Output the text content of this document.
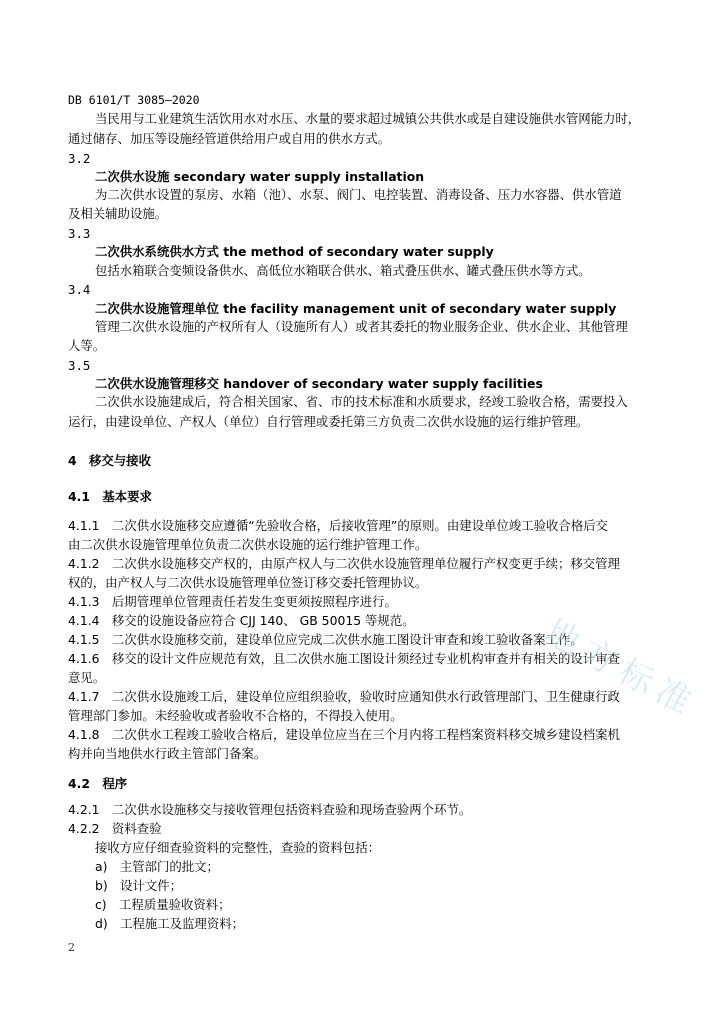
DB 6101/T 3085—2020
当民用与工业建筑生活饮用水对水压、水量的要求超过城镇公共供水或是自建设施供水管网能力时，
通过储存、加压等设施经管道供给用户或自用的供水方式。
3.2
二次供水设施 secondary water supply installation
为二次供水设置的泵房、水箱（池）、水泵、阀门、电控装置、消毒设备、压力水容器、供水管道
及相关辅助设施。
3.3
二次供水系统供水方式 the method of secondary water supply
包括水箱联合变频设备供水、高低位水箱联合供水、箱式叠压供水、罐式叠压供水等方式。
3.4
二次供水设施管理单位 the facility management unit of secondary water supply
管理二次供水设施的产权所有人（设施所有人）或者其委托的物业服务企业、供水企业、其他管理
人等。
3.5
二次供水设施管理移交 handover of secondary water supply facilities
二次供水设施建成后，符合相关国家、省、市的技术标准和水质要求，经竣工验收合格，需要投入
运行，由建设单位、产权人（单位）自行管理或委托第三方负责二次供水设施的运行维护管理。
4　移交与接收
4.1　基本要求
4.1.1　二次供水设施移交应遵循“先验收合格，后接收管理”的原则。由建设单位竣工验收合格后交
由二次供水设施管理单位负责二次供水设施的运行维护管理工作。
4.1.2　二次供水设施移交产权的，由原产权人与二次供水设施管理单位履行产权变更手续；移交管理
权的，由产权人与二次供水设施管理单位签订移交委托管理协议。
4.1.3　后期管理单位管理责任若发生变更须按照程序进行。
4.1.4　移交的设施设备应符合 CJJ 140、 GB 50015 等规范。
4.1.5　二次供水设施移交前，建设单位应完成二次供水施工图设计审查和竣工验收备案工作。
4.1.6　移交的设计文件应规范有效，且二次供水施工图设计须经过专业机构审查并有相关的设计审查
意见。
4.1.7　二次供水设施竣工后，建设单位应组织验收，验收时应通知供水行政管理部门、卫生健康行政
管理部门参加。未经验收或者验收不合格的，不得投入使用。
4.1.8　二次供水工程竣工验收合格后，建设单位应当在三个月内将工程档案资料移交城乡建设档案机
构并向当地供水行政主管部门备案。
4.2　程序
4.2.1　二次供水设施移交与接收管理包括资料查验和现场查验两个环节。
4.2.2　资料查验
接收方应仔细查验资料的完整性，查验的资料包括：
a)　主管部门的批文；
b)　设计文件；
c)　工程质量验收资料；
d)　工程施工及监理资料；
2
地方标准
